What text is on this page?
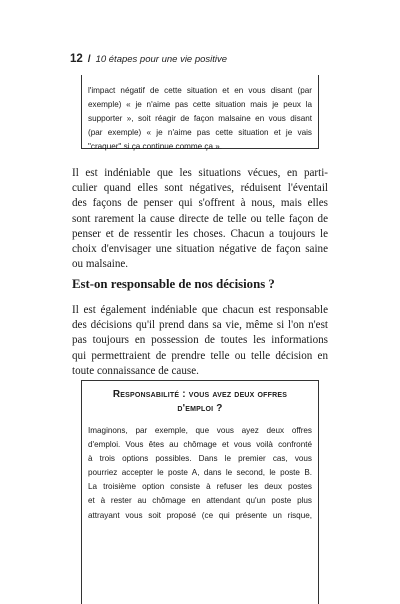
12 / 10 étapes pour une vie positive
l'impact négatif de cette situation et en vous disant (par
exemple) « je n'aime pas cette situation mais je peux la
supporter », soit réagir de façon malsaine en vous disant
(par exemple) « je n'aime pas cette situation et je vais
"craquer" si ça continue comme ça ».
Il est indéniable que les situations vécues, en parti-
culier quand elles sont négatives, réduisent l'éventail
des façons de penser qui s'offrent à nous, mais elles
sont rarement la cause directe de telle ou telle façon de
penser et de ressentir les choses. Chacun a toujours le
choix d'envisager une situation négative de façon saine
ou malsaine.
Est-on responsable de nos décisions ?
Il est également indéniable que chacun est responsable
des décisions qu'il prend dans sa vie, même si l'on n'est
pas toujours en possession de toutes les informations
qui permettraient de prendre telle ou telle décision en
toute connaissance de cause.
Responsabilité : vous avez deux offres
d'emploi ?
Imaginons, par exemple, que vous ayez deux offres
d'emploi. Vous êtes au chômage et vous voilà confronté
à trois options possibles. Dans le premier cas, vous
pourriez accepter le poste A, dans le second, le poste B.
La troisième option consiste à refuser les deux postes
et à rester au chômage en attendant qu'un poste plus
attrayant vous soit proposé (ce qui présente un risque,
